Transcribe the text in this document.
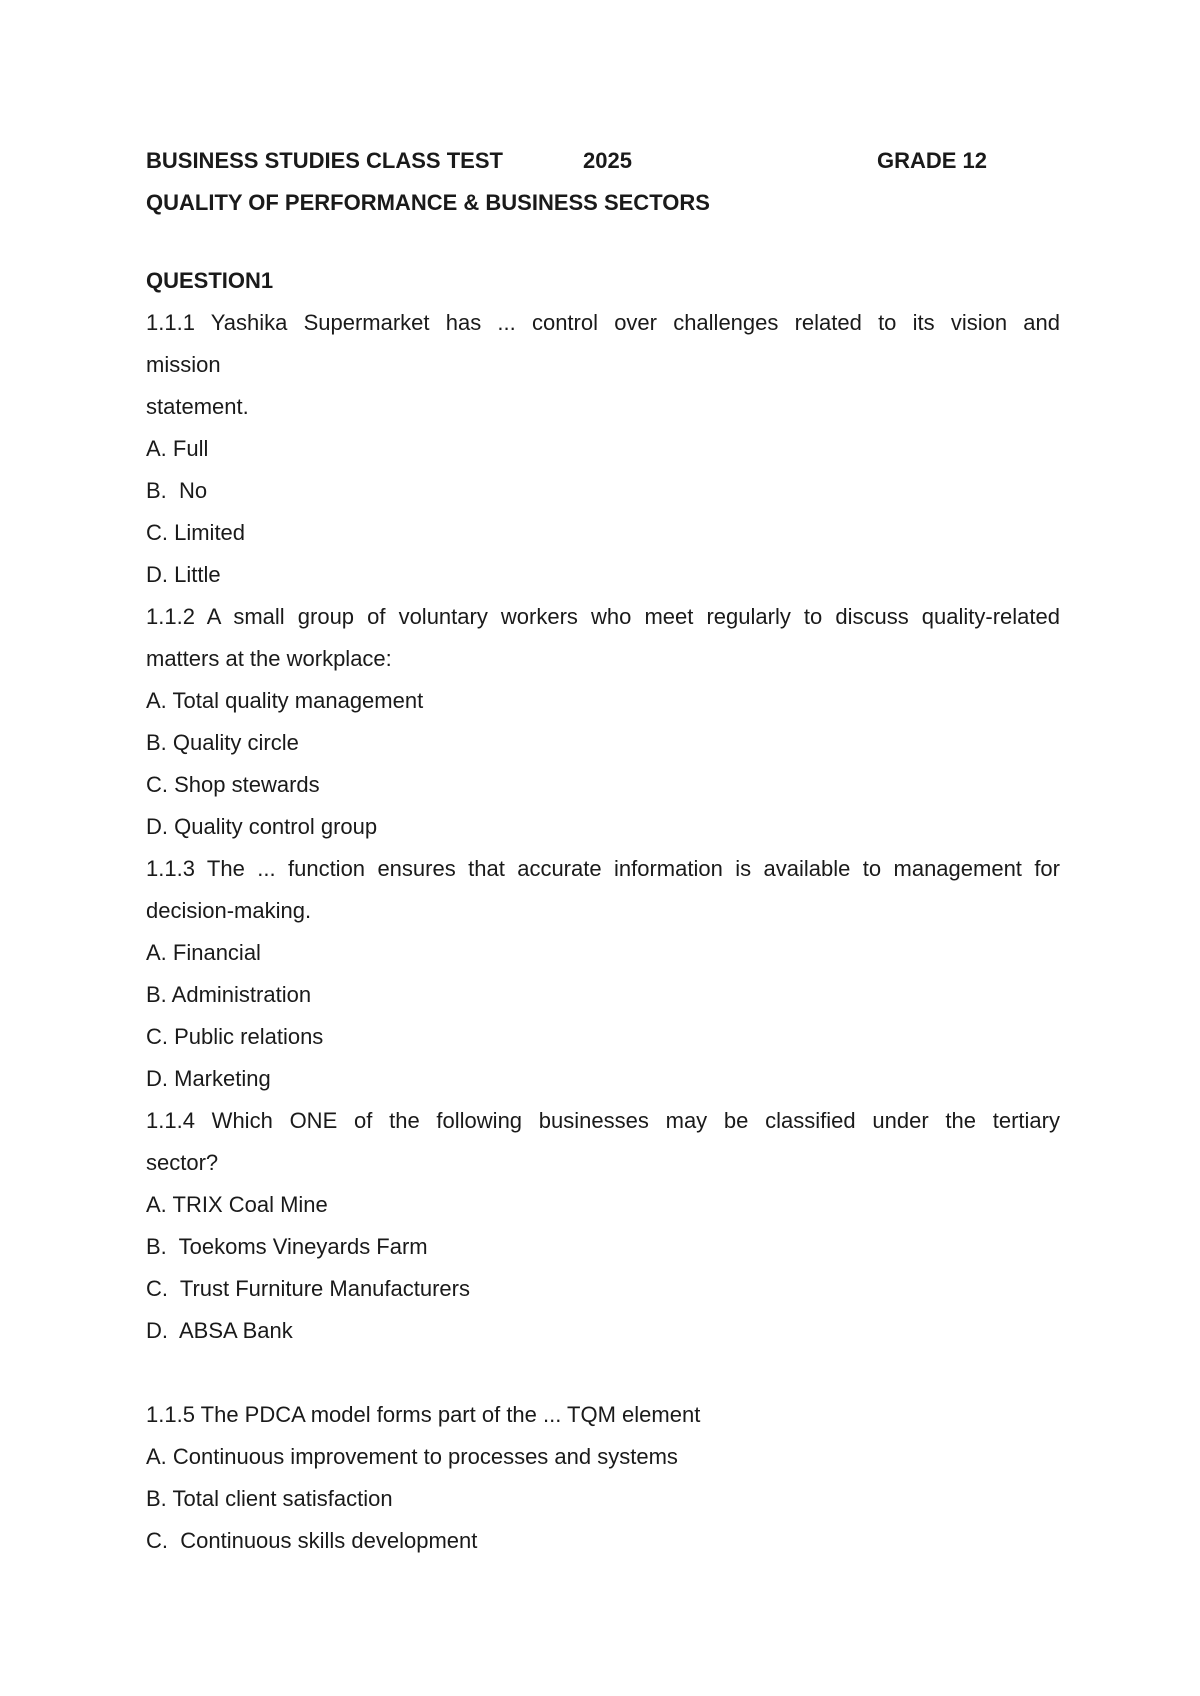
BUSINESS STUDIES CLASS TEST	2025	GRADE 12
QUALITY OF PERFORMANCE & BUSINESS SECTORS
QUESTION1
1.1.1 Yashika Supermarket has ... control over challenges related to its vision and
mission
statement.
A. Full
B.  No
C. Limited
D. Little
1.1.2 A small group of voluntary workers who meet regularly to discuss quality-related
matters at the workplace:
A. Total quality management
B. Quality circle
C. Shop stewards
D. Quality control group
1.1.3 The ... function ensures that accurate information is available to management for
decision-making.
A. Financial
B. Administration
C. Public relations
D. Marketing
1.1.4 Which ONE of the following businesses may be classified under the tertiary
sector?
A. TRIX Coal Mine
B.  Toekoms Vineyards Farm
C.  Trust Furniture Manufacturers
D.  ABSA Bank
1.1.5 The PDCA model forms part of the ... TQM element
A. Continuous improvement to processes and systems
B. Total client satisfaction
C.  Continuous skills development
